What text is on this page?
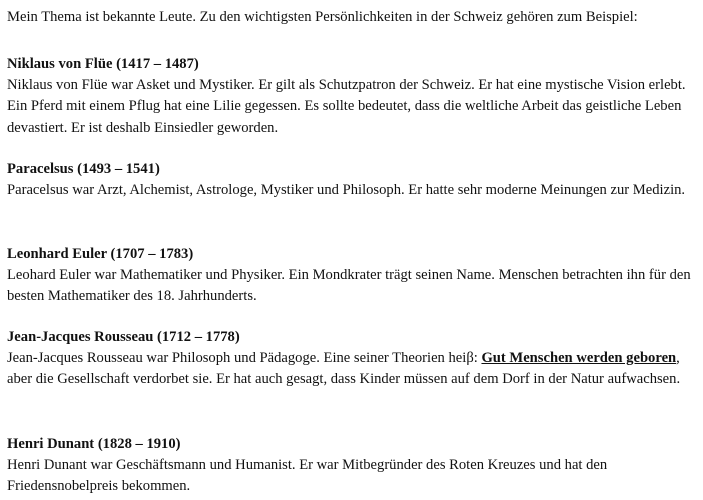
Mein Thema ist bekannte Leute. Zu den wichtigsten Persönlichkeiten in der Schweiz gehören zum Beispiel:

Niklaus von Flüe (1417 – 1487)

Niklaus von Flüe war Asket und Mystiker. Er gilt als Schutzpatron der Schweiz. Er hat eine mystische Vision erlebt. Ein Pferd mit einem Pflug hat eine Lilie gegessen. Es sollte bedeutet, dass die weltliche Arbeit das geistliche Leben devastiert. Er ist deshalb Einsiedler geworden.

Paracelsus (1493 – 1541)

Paracelsus war Arzt, Alchemist, Astrologe, Mystiker und Philosoph. Er hatte sehr moderne Meinungen zur Medizin.

Leonhard Euler (1707 – 1783)

Leohard Euler war Mathematiker und Physiker. Ein Mondkrater trägt seinen Name. Menschen betrachten ihn für den besten Mathematiker des 18. Jahrhunderts.

Jean-Jacques Rousseau (1712 – 1778)

Jean-Jacques Rousseau war Philosoph und Pädagoge. Eine seiner Theorien heiβ: Gut Menschen werden geboren, aber die Gesellschaft verdorbet sie. Er hat auch gesagt, dass Kinder müssen auf dem Dorf in der Natur aufwachsen.

Henri Dunant (1828 – 1910)

Henri Dunant war Geschäftsmann und Humanist. Er war Mitbegründer des Roten Kreuzes und hat den Friedensnobelpreis bekommen.
